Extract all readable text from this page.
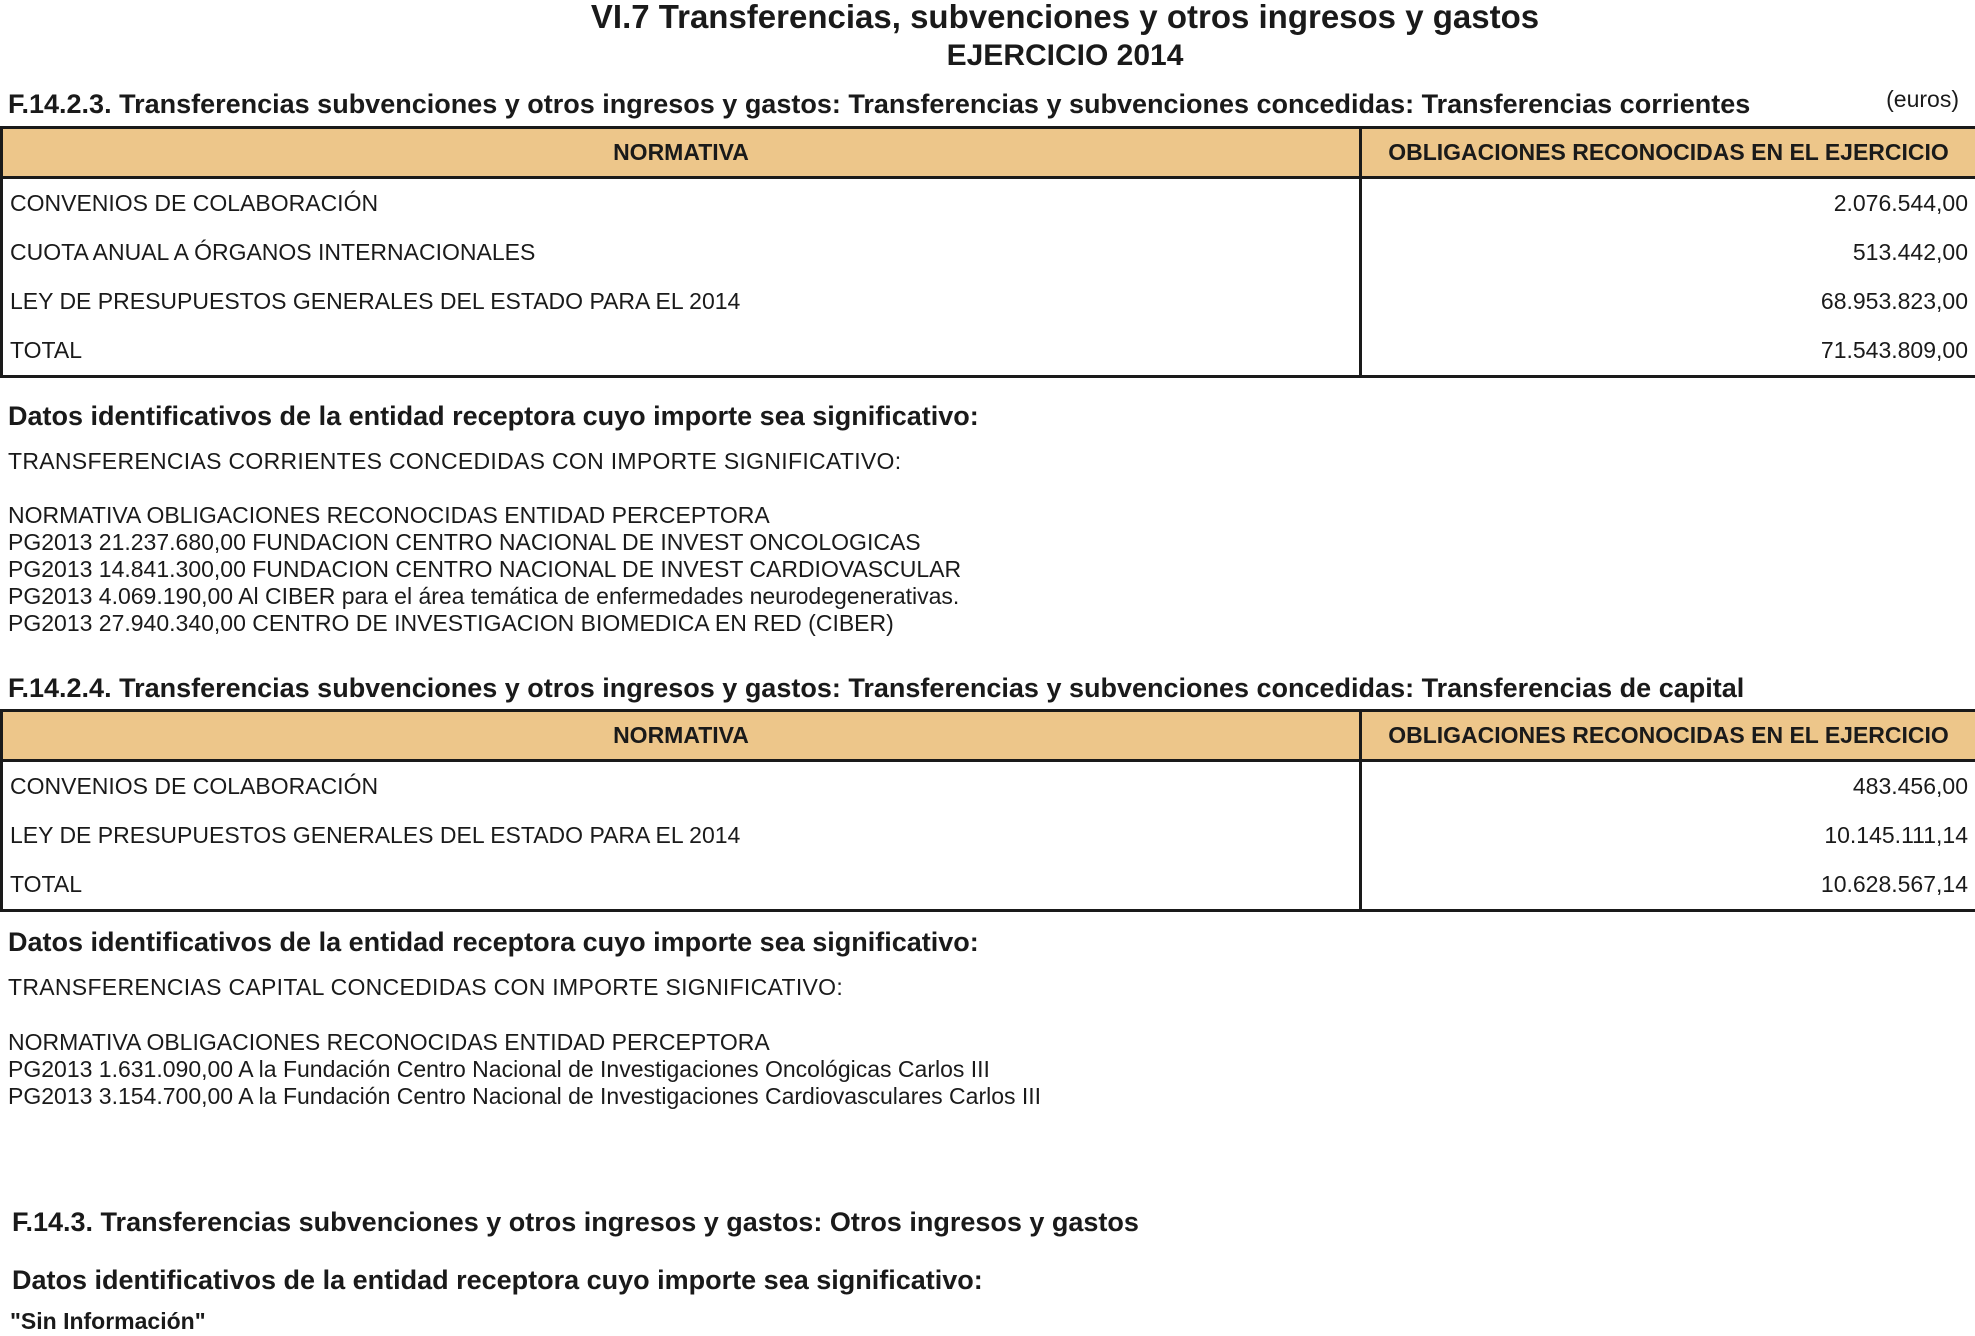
VI.7 Transferencias, subvenciones y otros ingresos y gastos
EJERCICIO 2014
F.14.2.3. Transferencias subvenciones y otros ingresos y gastos: Transferencias y subvenciones concedidas: Transferencias corrientes	(euros)
NORMATIVA	OBLIGACIONES RECONOCIDAS EN EL EJERCICIO
CONVENIOS DE COLABORACIÓN	2.076.544,00
CUOTA ANUAL A ÓRGANOS INTERNACIONALES	513.442,00
LEY DE PRESUPUESTOS GENERALES DEL ESTADO PARA EL 2014	68.953.823,00
TOTAL	71.543.809,00
Datos identificativos de la entidad receptora cuyo importe sea significativo:
TRANSFERENCIAS CORRIENTES CONCEDIDAS CON IMPORTE SIGNIFICATIVO:
NORMATIVA OBLIGACIONES RECONOCIDAS ENTIDAD PERCEPTORA
PG2013 21.237.680,00 FUNDACION CENTRO NACIONAL DE INVEST ONCOLOGICAS
PG2013 14.841.300,00 FUNDACION CENTRO NACIONAL DE INVEST CARDIOVASCULAR
PG2013 4.069.190,00 Al CIBER para el área temática de enfermedades neurodegenerativas.
PG2013 27.940.340,00 CENTRO DE INVESTIGACION BIOMEDICA EN RED (CIBER)
F.14.2.4. Transferencias subvenciones y otros ingresos y gastos: Transferencias y subvenciones concedidas: Transferencias de capital
NORMATIVA	OBLIGACIONES RECONOCIDAS EN EL EJERCICIO
CONVENIOS DE COLABORACIÓN	483.456,00
LEY DE PRESUPUESTOS GENERALES DEL ESTADO PARA EL 2014	10.145.111,14
TOTAL	10.628.567,14
Datos identificativos de la entidad receptora cuyo importe sea significativo:
TRANSFERENCIAS CAPITAL CONCEDIDAS CON IMPORTE SIGNIFICATIVO:
NORMATIVA OBLIGACIONES RECONOCIDAS ENTIDAD PERCEPTORA
PG2013 1.631.090,00 A la Fundación Centro Nacional de Investigaciones Oncológicas Carlos III
PG2013 3.154.700,00 A la Fundación Centro Nacional de Investigaciones Cardiovasculares Carlos III
F.14.3. Transferencias subvenciones y otros ingresos y gastos: Otros ingresos y gastos
Datos identificativos de la entidad receptora cuyo importe sea significativo:
"Sin Información"
